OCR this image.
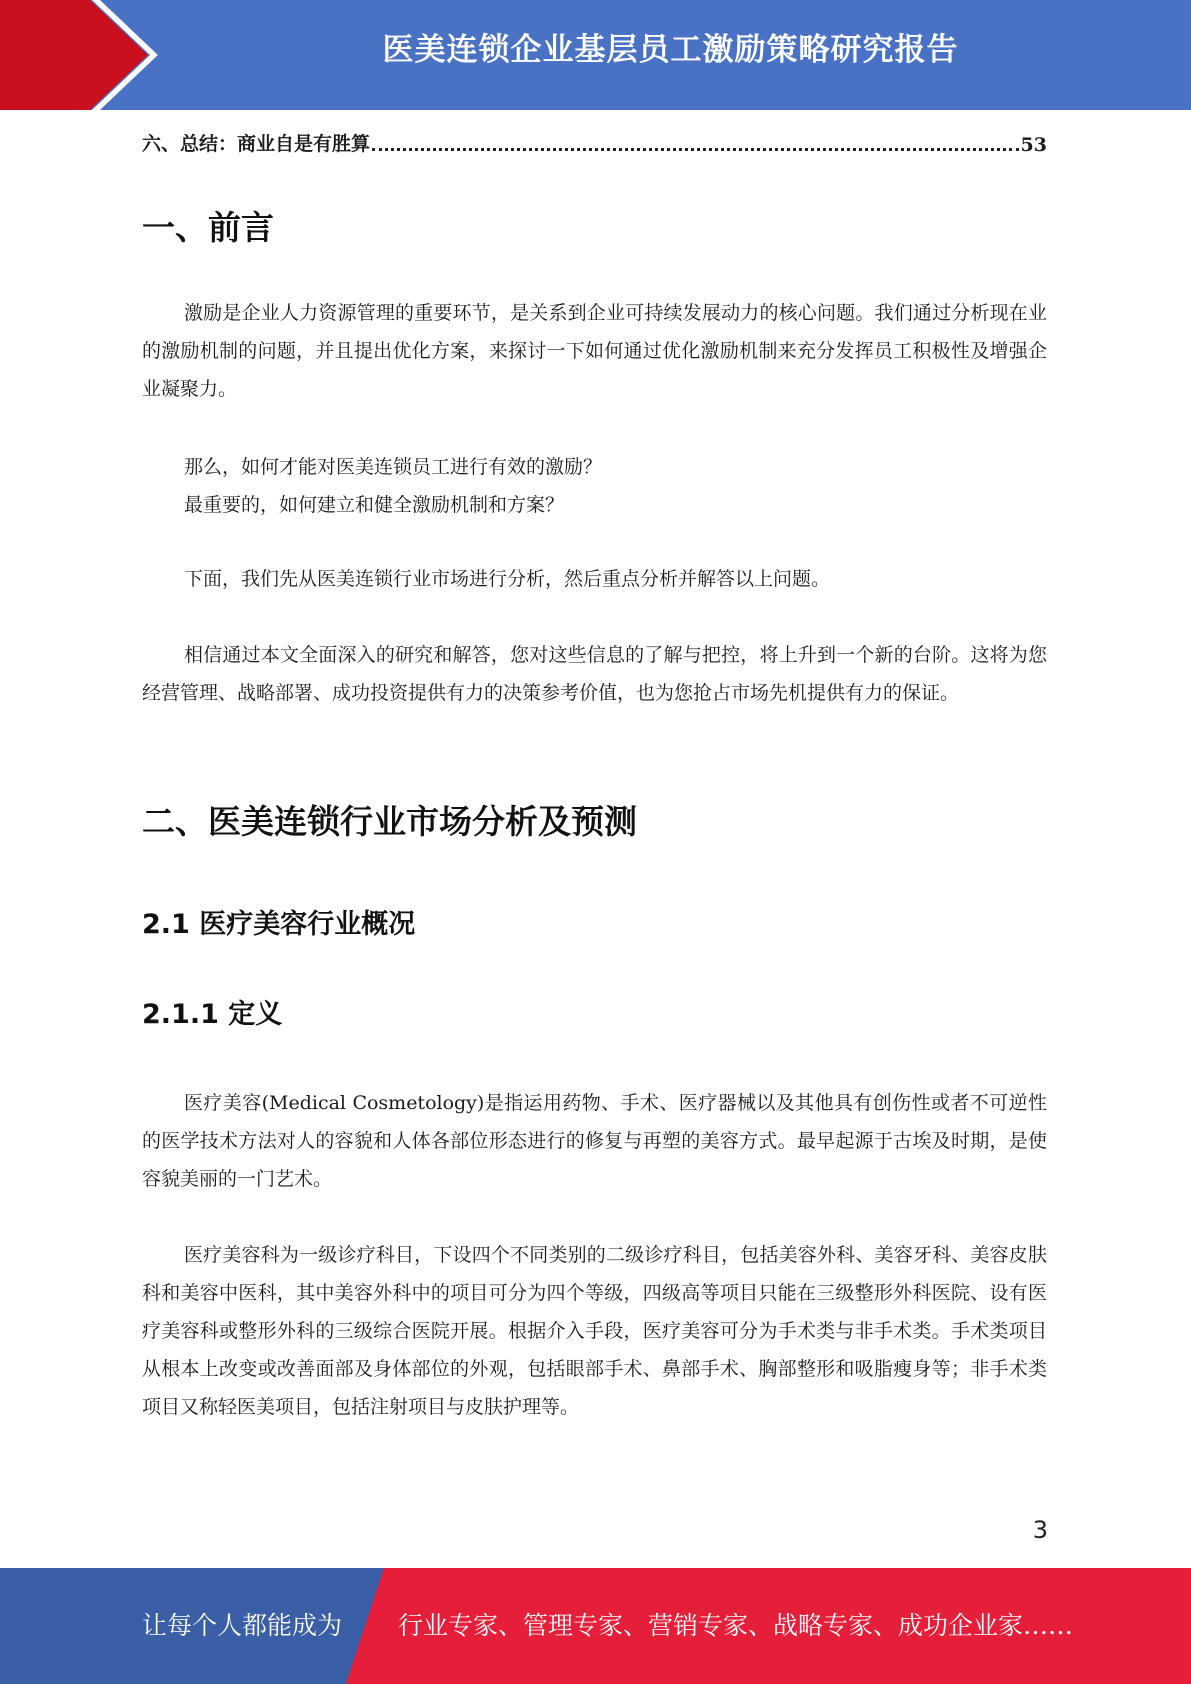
医美连锁企业基层员工激励策略研究报告
六、总结：商业自是有胜算	53
一、前言

激励是企业人力资源管理的重要环节，是关系到企业可持续发展动力的核心问题。我们通过分析现在业的激励机制的问题，并且提出优化方案，来探讨一下如何通过优化激励机制来充分发挥员工积极性及增强企业凝聚力。

那么，如何才能对医美连锁员工进行有效的激励？
最重要的，如何建立和健全激励机制和方案？

下面，我们先从医美连锁行业市场进行分析，然后重点分析并解答以上问题。

相信通过本文全面深入的研究和解答，您对这些信息的了解与把控，将上升到一个新的台阶。这将为您经营管理、战略部署、成功投资提供有力的决策参考价值，也为您抢占市场先机提供有力的保证。

二、医美连锁行业市场分析及预测
2.1 医疗美容行业概况
2.1.1 定义

医疗美容(Medical Cosmetology)是指运用药物、手术、医疗器械以及其他具有创伤性或者不可逆性的医学技术方法对人的容貌和人体各部位形态进行的修复与再塑的美容方式。最早起源于古埃及时期，是使容貌美丽的一门艺术。

医疗美容科为一级诊疗科目，下设四个不同类别的二级诊疗科目，包括美容外科、美容牙科、美容皮肤科和美容中医科，其中美容外科中的项目可分为四个等级，四级高等项目只能在三级整形外科医院、设有医疗美容科或整形外科的三级综合医院开展。根据介入手段，医疗美容可分为手术类与非手术类。手术类项目从根本上改变或改善面部及身体部位的外观，包括眼部手术、鼻部手术、胸部整形和吸脂瘦身等；非手术类项目又称轻医美项目，包括注射项目与皮肤护理等。

3
让每个人都能成为 行业专家、管理专家、营销专家、战略专家、成功企业家……
